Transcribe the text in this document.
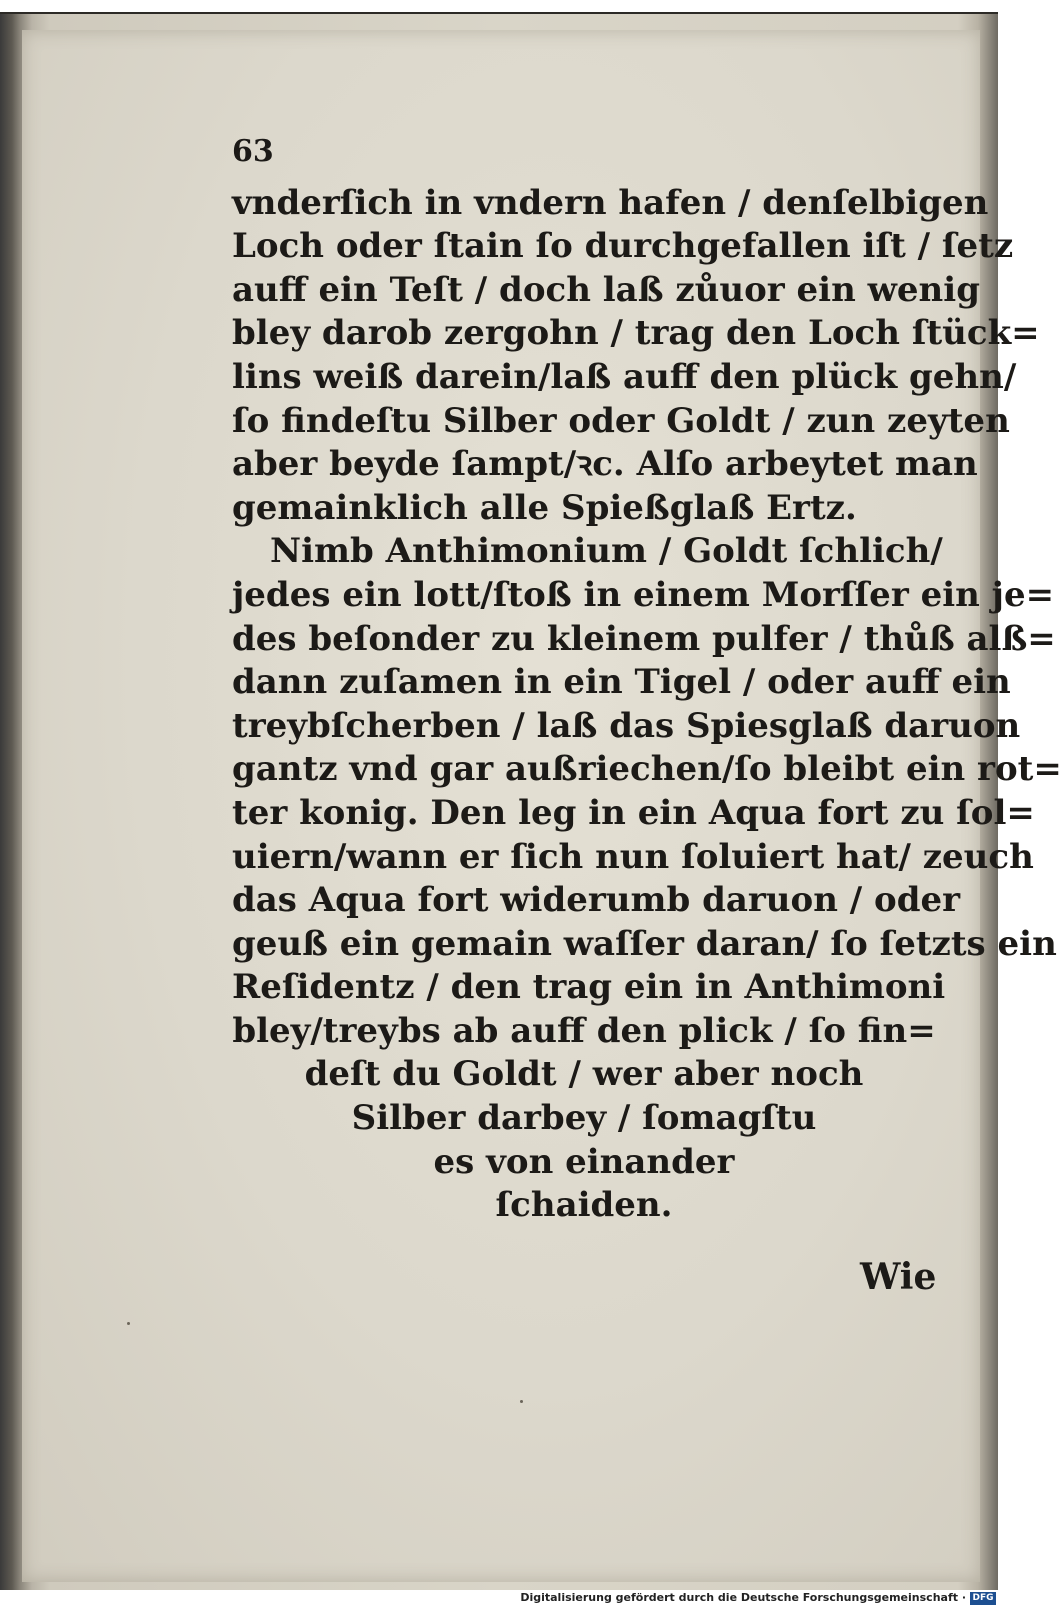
63
vnderſich in vndern hafen / denſelbigen
Loch oder ſtain ſo durchgefallen iſt / ſetz
auff ein Teſt / doch laß zůuor ein wenig
bley darob zergohn / trag den Loch ſtück=
lins weiß darein/laß auff den plück gehn/
ſo findeſtu Silber oder Goldt / zun zeyten
aber beyde ſampt/ꝛc. Alſo arbeytet man
gemainklich alle Spießglaß Ertz.
Nimb Anthimonium / Goldt ſchlich/
jedes ein lott/ſtoß in einem Morſſer ein je=
des beſonder zu kleinem pulfer / thůß alß=
dann zuſamen in ein Tigel / oder auff ein
treybſcherben / laß das Spiesglaß daruon
gantz vnd gar außriechen/ſo bleibt ein rot=
ter konig. Den leg in ein Aqua fort zu ſol=
uiern/wann er ſich nun ſoluiert hat/ zeuch
das Aqua fort widerumb daruon / oder
geuß ein gemain waſſer daran/ ſo ſetzts ein
Reſidentz / den trag ein in Anthimoni
bley/treybs ab auff den plick / ſo fin=
deſt du Goldt / wer aber noch
Silber darbey / ſomagſtu
es von einander
ſchaiden.
Wie
Digitalisierung gefördert durch die Deutsche Forschungsgemeinschaft · DFG
